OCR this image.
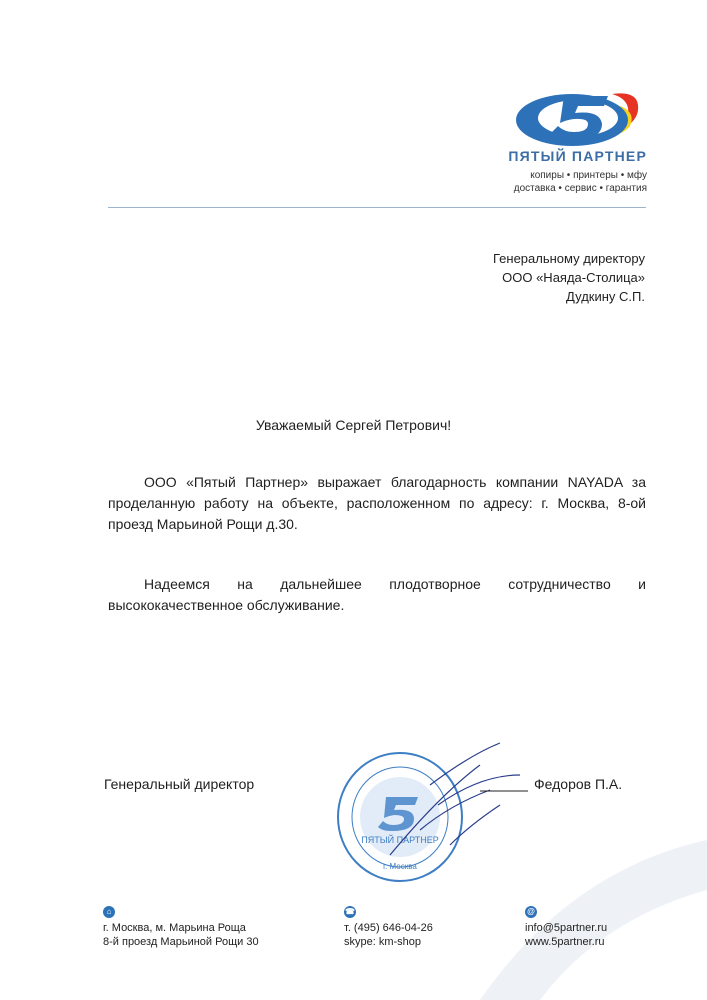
ПЯТЫЙ ПАРТНЕР
копиры • принтеры • мфу
доставка • сервис • гарантия
Генеральному директору
ООО «Наяда-Столица»
Дудкину С.П.
Уважаемый Сергей Петрович!
ООО «Пятый Партнер» выражает благодарность компании NAYADA за проделанную работу на объекте, расположенном по адресу: г. Москва, 8-ой проезд Марьиной Рощи д.30.
Надеемся на дальнейшее плодотворное сотрудничество и высококачественное обслуживание.
ПЯТЫЙ ПАРТНЕР
г. Москва
Генеральный директор	Федоров П.А.
⌂
г. Москва, м. Марьина Роща
8-й проезд Марьиной Рощи 30
☎
т. (495) 646-04-26
skype: km-shop
@
info@5partner.ru
www.5partner.ru
